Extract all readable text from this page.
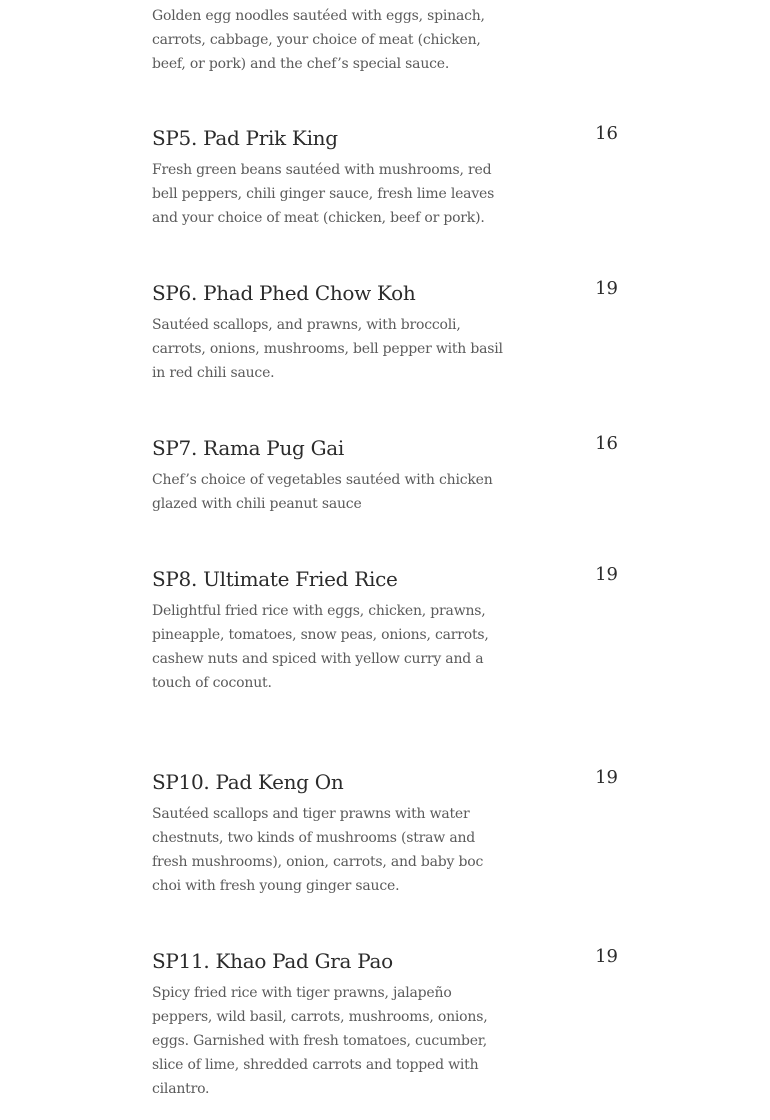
Golden egg noodles sautéed with eggs, spinach,
carrots, cabbage, your choice of meat (chicken,
beef, or pork) and the chef’s special sauce.
SP5. Pad Prik King	16
Fresh green beans sautéed with mushrooms, red
bell peppers, chili ginger sauce, fresh lime leaves
and your choice of meat (chicken, beef or pork).
SP6. Phad Phed Chow Koh	19
Sautéed scallops, and prawns, with broccoli,
carrots, onions, mushrooms, bell pepper with basil
in red chili sauce.
SP7. Rama Pug Gai	16
Chef’s choice of vegetables sautéed with chicken
glazed with chili peanut sauce
SP8. Ultimate Fried Rice	19
Delightful fried rice with eggs, chicken, prawns,
pineapple, tomatoes, snow peas, onions, carrots,
cashew nuts and spiced with yellow curry and a
touch of coconut.
SP10. Pad Keng On	19
Sautéed scallops and tiger prawns with water
chestnuts, two kinds of mushrooms (straw and
fresh mushrooms), onion, carrots, and baby boc
choi with fresh young ginger sauce.
SP11. Khao Pad Gra Pao	19
Spicy fried rice with tiger prawns, jalapeño
peppers, wild basil, carrots, mushrooms, onions,
eggs. Garnished with fresh tomatoes, cucumber,
slice of lime, shredded carrots and topped with
cilantro.
